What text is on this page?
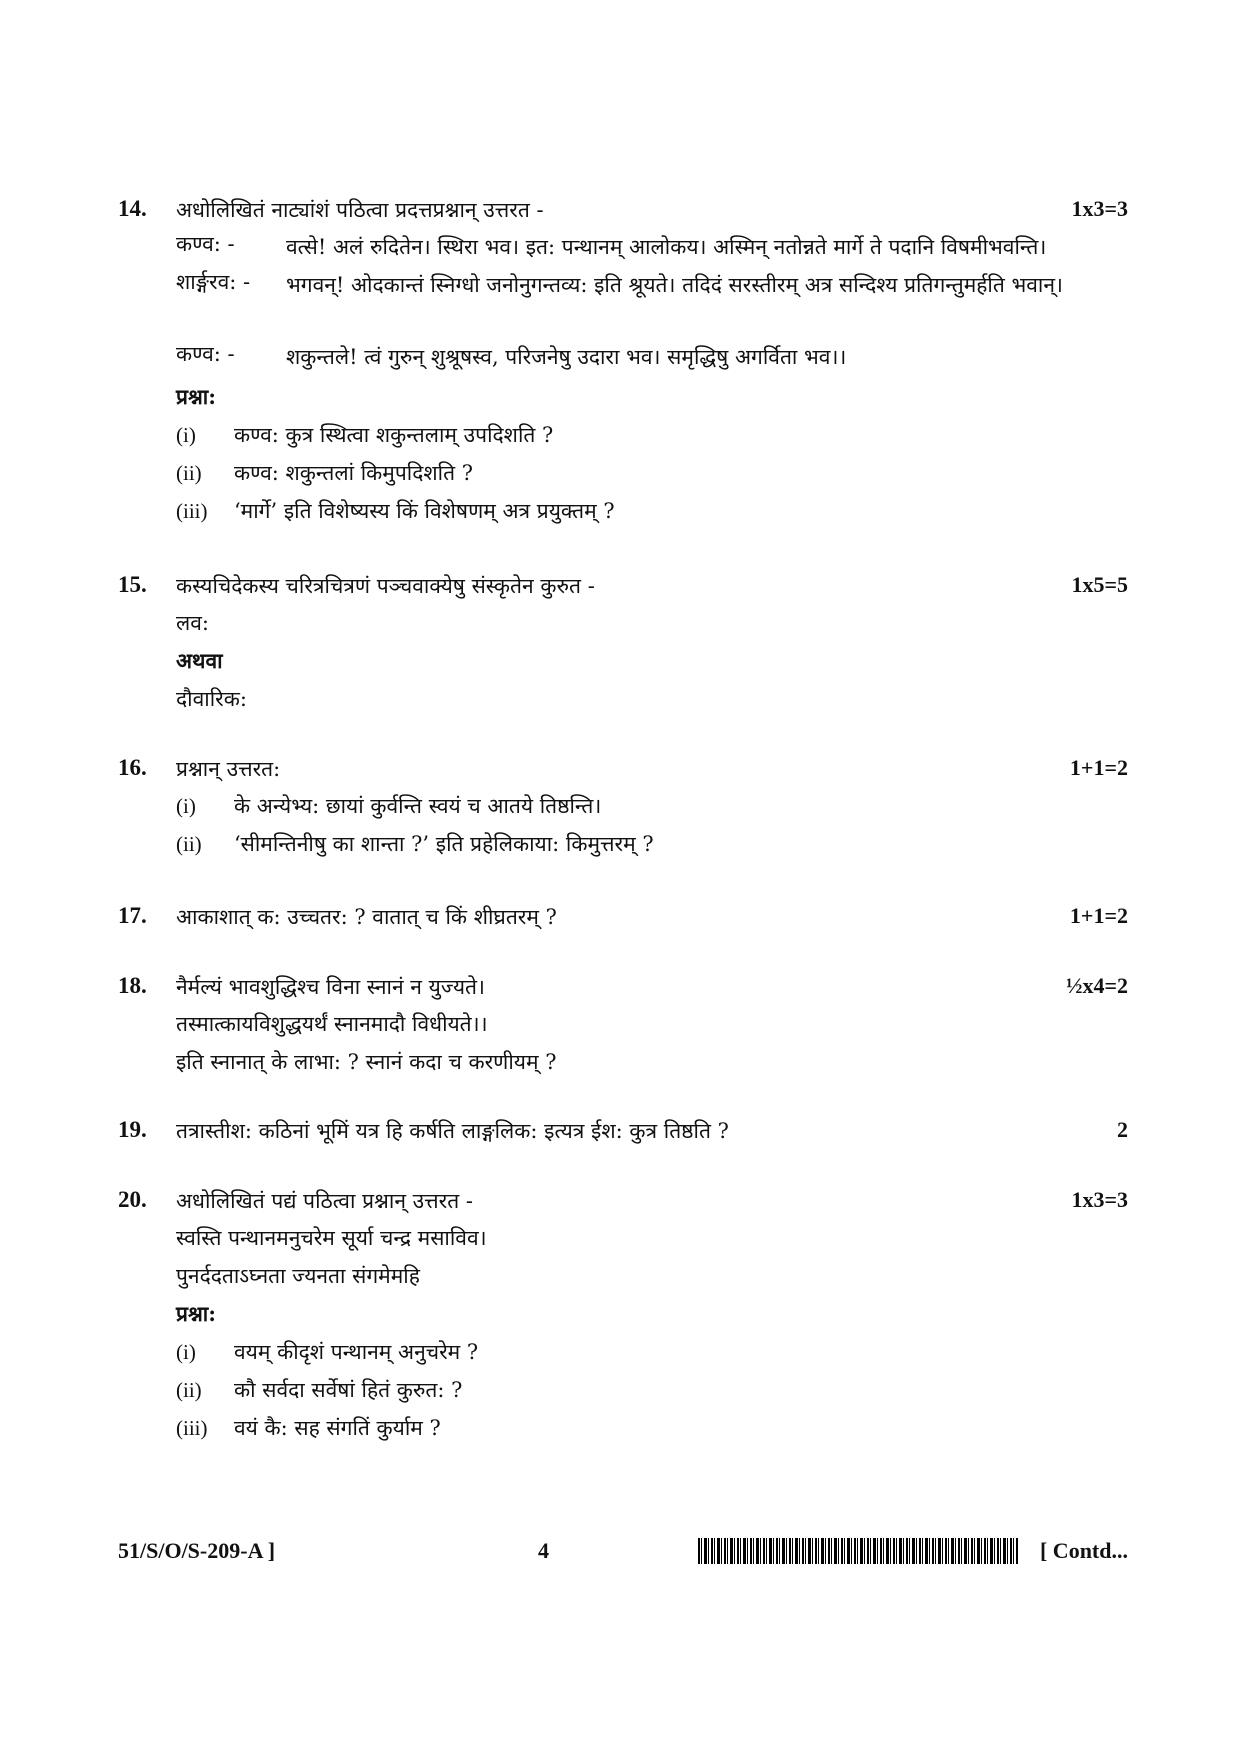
14. अधोलिखितं नाट्यांशं पठित्वा प्रदत्तप्रश्नान् उत्तरत -	1x3=3
कण्व: - वत्से! अलं रुदितेन। स्थिरा भव। इत: पन्थानम् आलोकय। अस्मिन् नतोन्नते मार्गे ते पदानि विषमीभवन्ति।
शार्ङ्गरव: - भगवन्! ओदकान्तं स्निग्धो जनोनुगन्तव्य: इति श्रूयते। तदिदं सरस्तीरम् अत्र सन्दिश्य प्रतिगन्तुमर्हति भवान्।
कण्व: - शकुन्तले! त्वं गुरुन् शुश्रूषस्व, परिजनेषु उदारा भव। समृद्धिषु अगर्विता भव।।
प्रश्ना:
(i) कण्व: कुत्र स्थित्वा शकुन्तलाम् उपदिशति ?
(ii) कण्व: शकुन्तलां किमुपदिशति ?
(iii) ‘मार्गे’ इति विशेष्यस्य किं विशेषणम् अत्र प्रयुक्तम् ?
15. कस्यचिदेकस्य चरित्रचित्रणं पञ्चवाक्येषु संस्कृतेन कुरुत -	1x5=5
लव:
अथवा
दौवारिक:
16. प्रश्नान् उत्तरत:	1+1=2
(i) के अन्येभ्य: छायां कुर्वन्ति स्वयं च आतये तिष्ठन्ति।
(ii) ‘सीमन्तिनीषु का शान्ता ?’ इति प्रहेलिकाया: किमुत्तरम् ?
17. आकाशात् क: उच्चतर: ? वातात् च किं शीघ्रतरम् ?	1+1=2
18. नैर्मल्यं भावशुद्धिश्च विना स्नानं न युज्यते।	½x4=2
तस्मात्कायविशुद्धयर्थं स्नानमादौ विधीयते।।
इति स्नानात् के लाभा: ? स्नानं कदा च करणीयम् ?
19. तत्रास्तीश: कठिनां भूमिं यत्र हि कर्षति लाङ्गलिक: इत्यत्र ईश: कुत्र तिष्ठति ?	2
20. अधोलिखितं पद्यं पठित्वा प्रश्नान् उत्तरत -	1x3=3
स्वस्ति पन्थानमनुचरेम सूर्या चन्द्र मसाविव।
पुनर्ददताऽघ्नता ज्यनता संगमेमहि
प्रश्ना:
(i) वयम् कीदृशं पन्थानम् अनुचरेम ?
(ii) कौ सर्वदा सर्वेषां हितं कुरुत: ?
(iii) वयं कै: सह संगतिं कुर्याम ?
51/S/O/S-209-A ]	4	[ Contd...
